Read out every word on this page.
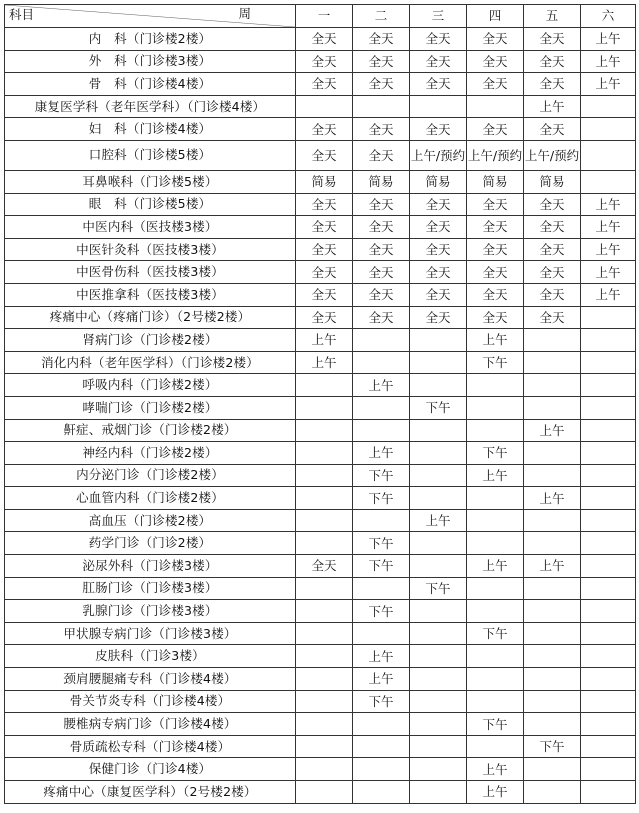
科目 周	一	二	三	四	五	六
内　科（门诊楼2楼）	全天	全天	全天	全天	全天	上午
外　科（门诊楼3楼）	全天	全天	全天	全天	全天	上午
骨　科（门诊楼4楼）	全天	全天	全天	全天	全天	上午
康复医学科（老年医学科）（门诊楼4楼）					上午	
妇　科（门诊楼4楼）	全天	全天	全天	全天	全天	
口腔科（门诊楼5楼）	全天	全天	上午/预约	上午/预约	上午/预约	
耳鼻喉科（门诊楼5楼）	简易	简易	简易	简易	简易	
眼　科（门诊楼5楼）	全天	全天	全天	全天	全天	上午
中医内科（医技楼3楼）	全天	全天	全天	全天	全天	上午
中医针灸科（医技楼3楼）	全天	全天	全天	全天	全天	上午
中医骨伤科（医技楼3楼）	全天	全天	全天	全天	全天	上午
中医推拿科（医技楼3楼）	全天	全天	全天	全天	全天	上午
疼痛中心（疼痛门诊）（2号楼2楼）	全天	全天	全天	全天	全天	
肾病门诊（门诊楼2楼）	上午			上午		
消化内科（老年医学科）（门诊楼2楼）	上午			下午		
呼吸内科（门诊楼2楼）		上午				
哮喘门诊（门诊楼2楼）			下午			
鼾症、戒烟门诊（门诊楼2楼）					上午	
神经内科（门诊楼2楼）		上午		下午		
内分泌门诊（门诊楼2楼）		下午		上午		
心血管内科（门诊楼2楼）		下午			上午	
高血压（门诊楼2楼）			上午			
药学门诊（门诊2楼）		下午				
泌尿外科（门诊楼3楼）	全天	下午		上午	上午	
肛肠门诊（门诊楼3楼）			下午			
乳腺门诊（门诊楼3楼）		下午				
甲状腺专病门诊（门诊楼3楼）				下午		
皮肤科（门诊3楼）		上午				
颈肩腰腿痛专科（门诊楼4楼）		上午				
骨关节炎专科（门诊楼4楼）		下午				
腰椎病专病门诊（门诊楼4楼）				下午		
骨质疏松专科（门诊楼4楼）					下午	
保健门诊（门诊4楼）				上午		
疼痛中心（康复医学科）（2号楼2楼）				上午		
